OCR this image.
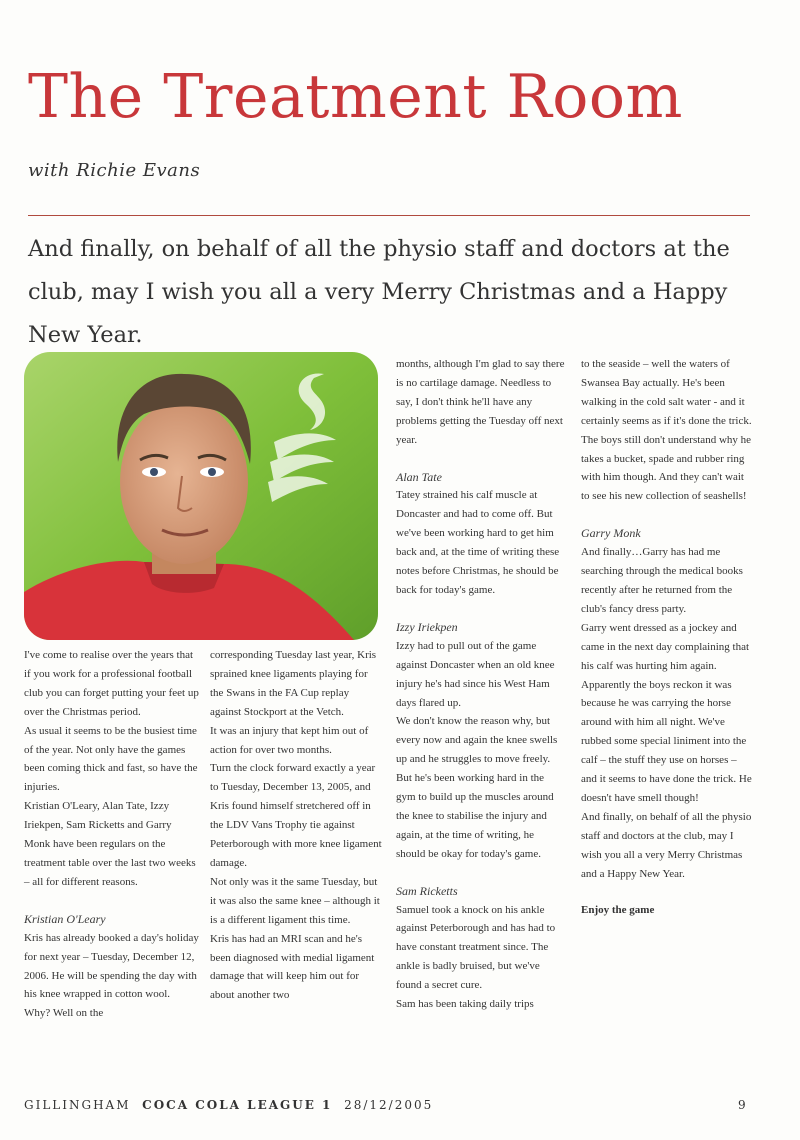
The Treatment Room
with Richie Evans

And finally, on behalf of all the physio staff and doctors at the club, may I wish you all a very Merry Christmas and a Happy New Year.

I've come to realise over the years that if you work for a professional football club you can forget putting your feet up over the Christmas period.

As usual it seems to be the busiest time of the year. Not only have the games been coming thick and fast, so have the injuries.

Kristian O'Leary, Alan Tate, Izzy Iriekpen, Sam Ricketts and Garry Monk have been regulars on the treatment table over the last two weeks – all for different reasons.

Kristian O'Leary

Kris has already booked a day's holiday for next year – Tuesday, December 12, 2006. He will be spending the day with his knee wrapped in cotton wool.

Why? Well on the

corresponding Tuesday last year, Kris sprained knee ligaments playing for the Swans in the FA Cup replay against Stockport at the Vetch.

It was an injury that kept him out of action for over two months.

Turn the clock forward exactly a year to Tuesday, December 13, 2005, and Kris found himself stretchered off in the LDV Vans Trophy tie against Peterborough with more knee ligament damage.

Not only was it the same Tuesday, but it was also the same knee – although it is a different ligament this time.

Kris has had an MRI scan and he's been diagnosed with medial ligament damage that will keep him out for about another two

months, although I'm glad to say there is no cartilage damage. Needless to say, I don't think he'll have any problems getting the Tuesday off next year.

Alan Tate

Tatey strained his calf muscle at Doncaster and had to come off. But we've been working hard to get him back and, at the time of writing these notes before Christmas, he should be back for today's game.

Izzy Iriekpen

Izzy had to pull out of the game against Doncaster when an old knee injury he's had since his West Ham days flared up.

We don't know the reason why, but every now and again the knee swells up and he struggles to move freely.

But he's been working hard in the gym to build up the muscles around the knee to stabilise the injury and again, at the time of writing, he should be okay for today's game.

Sam Ricketts

Samuel took a knock on his ankle against Peterborough and has had to have constant treatment since. The ankle is badly bruised, but we've found a secret cure.

Sam has been taking daily trips

to the seaside – well the waters of Swansea Bay actually. He's been walking in the cold salt water - and it certainly seems as if it's done the trick.

The boys still don't understand why he takes a bucket, spade and rubber ring with him though. And they can't wait to see his new collection of seashells!

Garry Monk

And finally…Garry has had me searching through the medical books recently after he returned from the club's fancy dress party.

Garry went dressed as a jockey and came in the next day complaining that his calf was hurting him again.

Apparently the boys reckon it was because he was carrying the horse around with him all night. We've rubbed some special liniment into the calf – the stuff they use on horses – and it seems to have done the trick. He doesn't have smell though!

And finally, on behalf of all the physio staff and doctors at the club, may I wish you all a very Merry Christmas and a Happy New Year.

Enjoy the game

GILLINGHAM COCA COLA LEAGUE 1 28/12/2005	9
